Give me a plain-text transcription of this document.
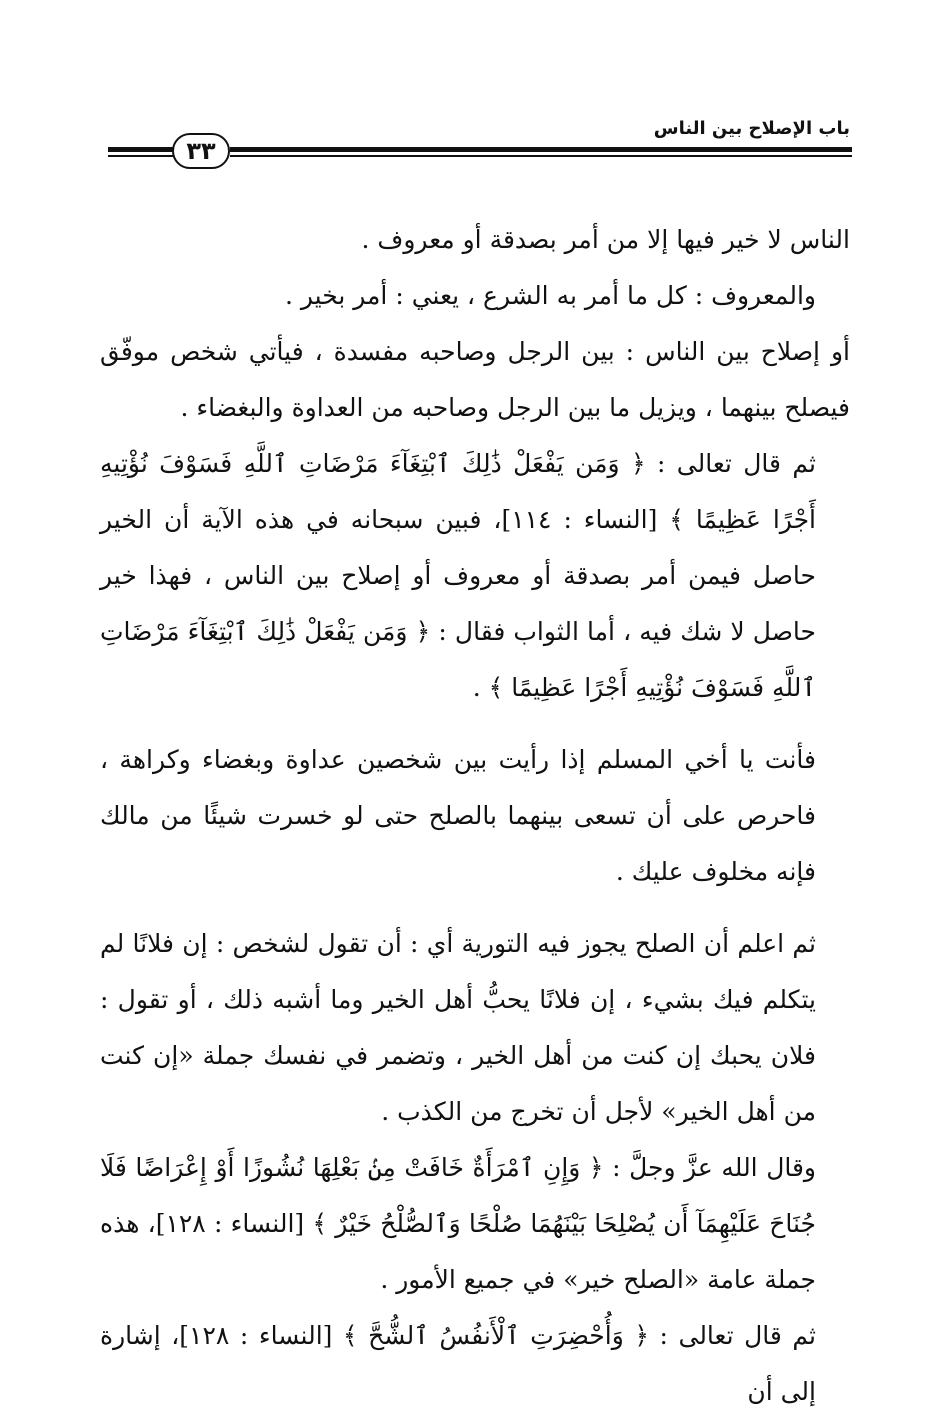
باب الإصلاح بين الناس
٣٣

الناس لا خير فيها إلا من أمر بصدقة أو معروف .

والمعروف : كل ما أمر به الشرع ، يعني : أمر بخير .

أو إصلاح بين الناس : بين الرجل وصاحبه مفسدة ، فيأتي شخص موفّق فيصلح بينهما ، ويزيل ما بين الرجل وصاحبه من العداوة والبغضاء .

ثم قال تعالى : ﴿ وَمَن يَفْعَلْ ذَٰلِكَ ٱبْتِغَآءَ مَرْضَاتِ ٱللَّهِ فَسَوْفَ نُؤْتِيهِ أَجْرًا عَظِيمًا ﴾ [النساء : ١١٤]، فبين سبحانه في هذه الآية أن الخير حاصل فيمن أمر بصدقة أو معروف أو إصلاح بين الناس ، فهذا خير حاصل لا شك فيه ، أما الثواب فقال : ﴿ وَمَن يَفْعَلْ ذَٰلِكَ ٱبْتِغَآءَ مَرْضَاتِ ٱللَّهِ فَسَوْفَ نُؤْتِيهِ أَجْرًا عَظِيمًا ﴾ .

فأنت يا أخي المسلم إذا رأيت بين شخصين عداوة وبغضاء وكراهة ، فاحرص على أن تسعى بينهما بالصلح حتى لو خسرت شيئًا من مالك فإنه مخلوف عليك .

ثم اعلم أن الصلح يجوز فيه التورية أي : أن تقول لشخص : إن فلانًا لم يتكلم فيك بشيء ، إن فلانًا يحبُّ أهل الخير وما أشبه ذلك ، أو تقول : فلان يحبك إن كنت من أهل الخير ، وتضمر في نفسك جملة «إن كنت من أهل الخير» لأجل أن تخرج من الكذب .

وقال الله عزَّ وجلَّ : ﴿ وَإِنِ ٱمْرَأَةٌ خَافَتْ مِنۢ بَعْلِهَا نُشُوزًا أَوْ إِعْرَاضًا فَلَا جُنَاحَ عَلَيْهِمَآ أَن يُصْلِحَا بَيْنَهُمَا صُلْحًا وَٱلصُّلْحُ خَيْرٌ ﴾ [النساء : ١٢٨]، هذه جملة عامة «الصلح خير» في جميع الأمور .

ثم قال تعالى : ﴿ وَأُحْضِرَتِ ٱلْأَنفُسُ ٱلشُّحَّ ﴾ [النساء : ١٢٨]، إشارة إلى أن
